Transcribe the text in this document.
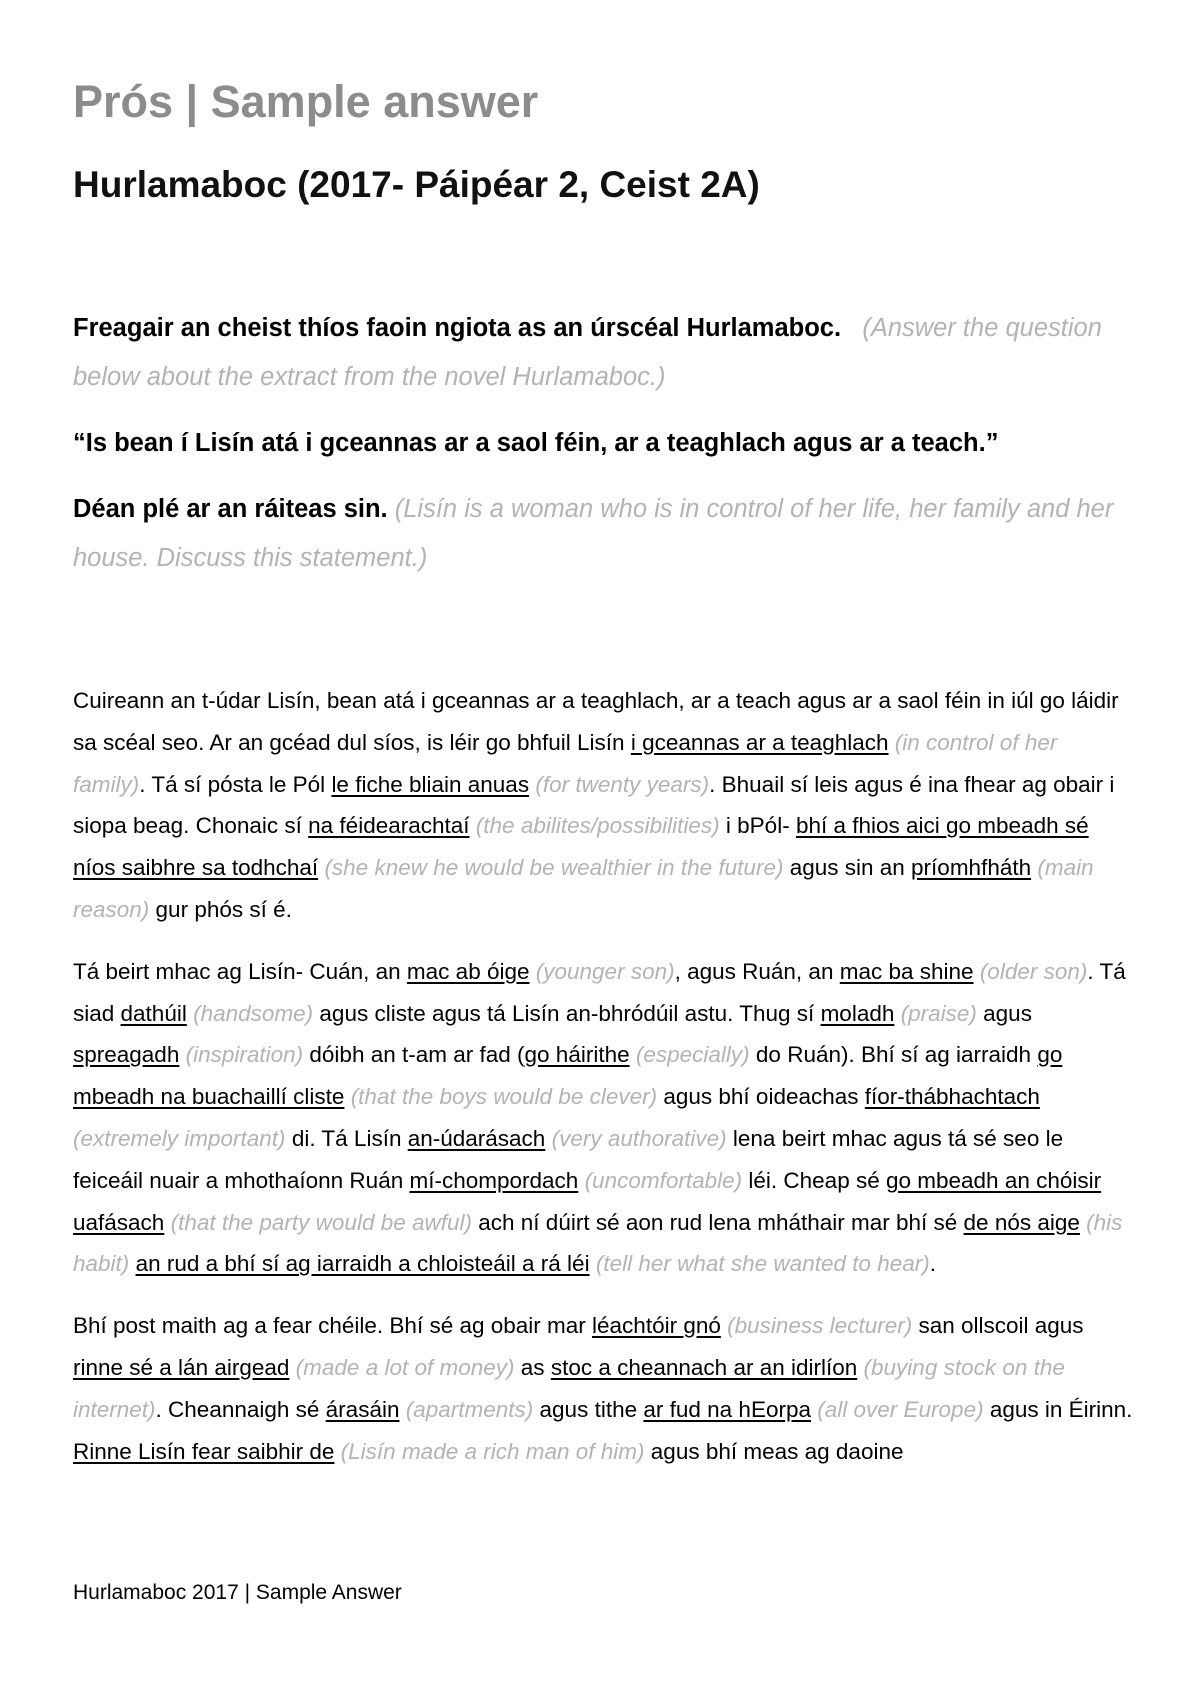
Prós | Sample answer
Hurlamaboc (2017- Páipéar 2, Ceist 2A)

Freagair an cheist thíos faoin ngiota as an úrscéal Hurlamaboc. (Answer the question below about the extract from the novel Hurlamaboc.)

“Is bean í Lisín atá i gceannas ar a saol féin, ar a teaghlach agus ar a teach.”

Déan plé ar an ráiteas sin. (Lisín is a woman who is in control of her life, her family and her house. Discuss this statement.)

Cuireann an t-údar Lisín, bean atá i gceannas ar a teaghlach, ar a teach agus ar a saol féin in iúl go láidir sa scéal seo. Ar an gcéad dul síos, is léir go bhfuil Lisín i gceannas ar a teaghlach (in control of her family). Tá sí pósta le Pól le fiche bliain anuas (for twenty years). Bhuail sí leis agus é ina fhear ag obair i siopa beag. Chonaic sí na féidearachtaí (the abilites/possibilities) i bPól- bhí a fhios aici go mbeadh sé níos saibhre sa todhchaí (she knew he would be wealthier in the future) agus sin an príomhfháth (main reason) gur phós sí é.

Tá beirt mhac ag Lisín- Cuán, an mac ab óige (younger son), agus Ruán, an mac ba shine (older son). Tá siad dathúil (handsome) agus cliste agus tá Lisín an-bhródúil astu. Thug sí moladh (praise) agus spreagadh (inspiration) dóibh an t-am ar fad (go háirithe (especially) do Ruán). Bhí sí ag iarraidh go mbeadh na buachaillí cliste (that the boys would be clever) agus bhí oideachas fíor-thábhachtach (extremely important) di. Tá Lisín an-údarásach (very authorative) lena beirt mhac agus tá sé seo le feiceáil nuair a mhothaíonn Ruán mí-chompordach (uncomfortable) léi. Cheap sé go mbeadh an chóisir uafásach (that the party would be awful) ach ní dúirt sé aon rud lena mháthair mar bhí sé de nós aige (his habit) an rud a bhí sí ag iarraidh a chloisteáil a rá léi (tell her what she wanted to hear).

Bhí post maith ag a fear chéile. Bhí sé ag obair mar léachtóir gnó (business lecturer) san ollscoil agus rinne sé a lán airgead (made a lot of money) as stoc a cheannach ar an idirlíon (buying stock on the internet). Cheannaigh sé árasáin (apartments) agus tithe ar fud na hEorpa (all over Europe) agus in Éirinn. Rinne Lisín fear saibhir de (Lisín made a rich man of him) agus bhí meas ag daoine

Hurlamaboc 2017 | Sample Answer
